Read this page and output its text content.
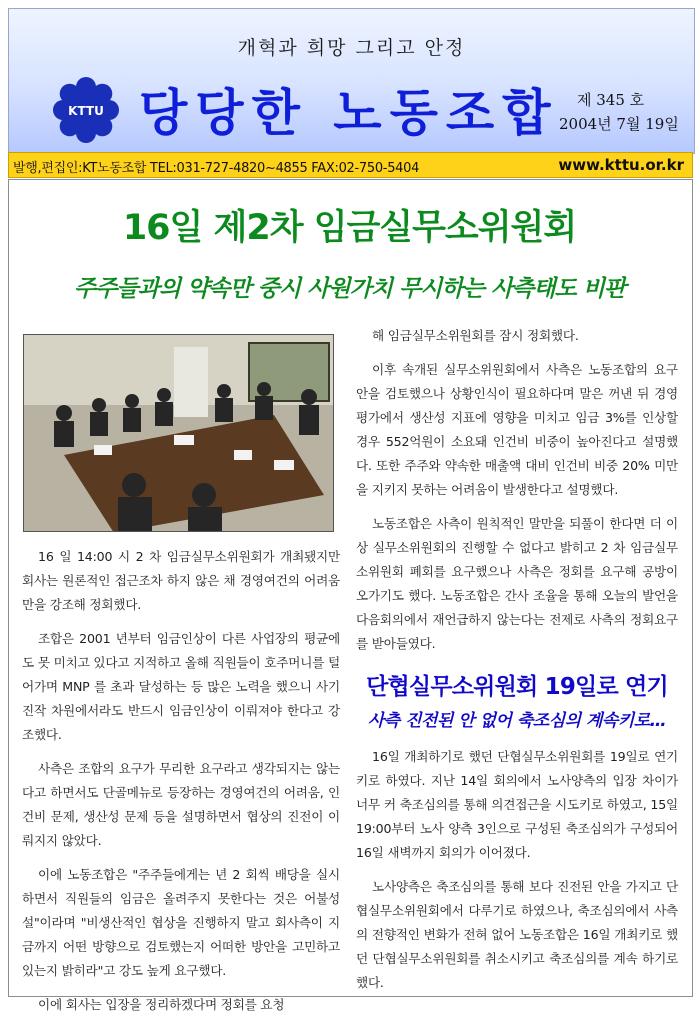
개혁과 희망 그리고 안정
KTTU 당당한 노동조합 제 345 호
2004년 7월 19일
발행,편집인:KT노동조합 TEL:031-727-4820~4855 FAX:02-750-5404	www.kttu.or.kr
16일 제2차 임금실무소위원회
주주들과의 약속만 중시 사원가치 무시하는 사측태도 비판

16 일 14:00 시 2 차 임금실무소위원회가 개최됐지만 회사는 원론적인 접근조차 하지 않은 채 경영여건의 어려움만을 강조해 정회했다.

조합은 2001 년부터 임금인상이 다른 사업장의 평균에도 못 미치고 있다고 지적하고 올해 직원들이 호주머니를 털어가며 MNP 를 초과 달성하는 등 많은 노력을 했으니 사기진작 차원에서라도 반드시 임금인상이 이뤄져야 한다고 강조했다.

사측은 조합의 요구가 무리한 요구라고 생각되지는 않는다고 하면서도 단골메뉴로 등장하는 경영여건의 어려움, 인건비 문제, 생산성 문제 등을 설명하면서 협상의 진전이 이뤄지지 않았다.

이에 노동조합은 "주주들에게는 년 2 회씩 배당을 실시하면서 직원들의 임금은 올려주지 못한다는 것은 어불성설"이라며 "비생산적인 협상을 진행하지 말고 회사측이 지금까지 어떤 방향으로 검토했는지 어떠한 방안을 고민하고 있는지 밝히라"고 강도 높게 요구했다.

이에 회사는 입장을 정리하겠다며 정회를 요청

해 임금실무소위원회를 잠시 정회했다.

이후 속개된 실무소위원회에서 사측은 노동조합의 요구안을 검토했으나 상황인식이 필요하다며 말은 꺼낸 뒤 경영평가에서 생산성 지표에 영향을 미치고 임금 3%를 인상할 경우 552억원이 소요돼 인건비 비중이 높아진다고 설명했다. 또한 주주와 약속한 매출액 대비 인건비 비중 20% 미만을 지키지 못하는 어려움이 발생한다고 설명했다.

노동조합은 사측이 원칙적인 말만을 되풀이 한다면 더 이상 실무소위원회의 진행할 수 없다고 밝히고 2 차 임금실무소위원회 폐회를 요구했으나 사측은 정회를 요구해 공방이 오가기도 했다. 노동조합은 간사 조율을 통해 오늘의 발언을 다음회의에서 재언급하지 않는다는 전제로 사측의 정회요구를 받아들였다.

단협실무소위원회 19일로 연기
사측 진전된 안 없어 축조심의 계속키로…

16일 개최하기로 했던 단협실무소위원회를 19일로 연기키로 하였다. 지난 14일 회의에서 노사양측의 입장 차이가 너무 커 축조심의를 통해 의견접근을 시도키로 하였고, 15일 19:00부터 노사 양측 3인으로 구성된 축조심의가 구성되어 16일 새벽까지 회의가 이어졌다.

노사양측은 축조심의를 통해 보다 진전된 안을 가지고 단협실무소위원회에서 다루기로 하였으나, 축조심의에서 사측의 전향적인 변화가 전혀 없어 노동조합은 16일 개최키로 했던 단협실무소위원회를 취소시키고 축조심의를 계속 하기로 했다.
